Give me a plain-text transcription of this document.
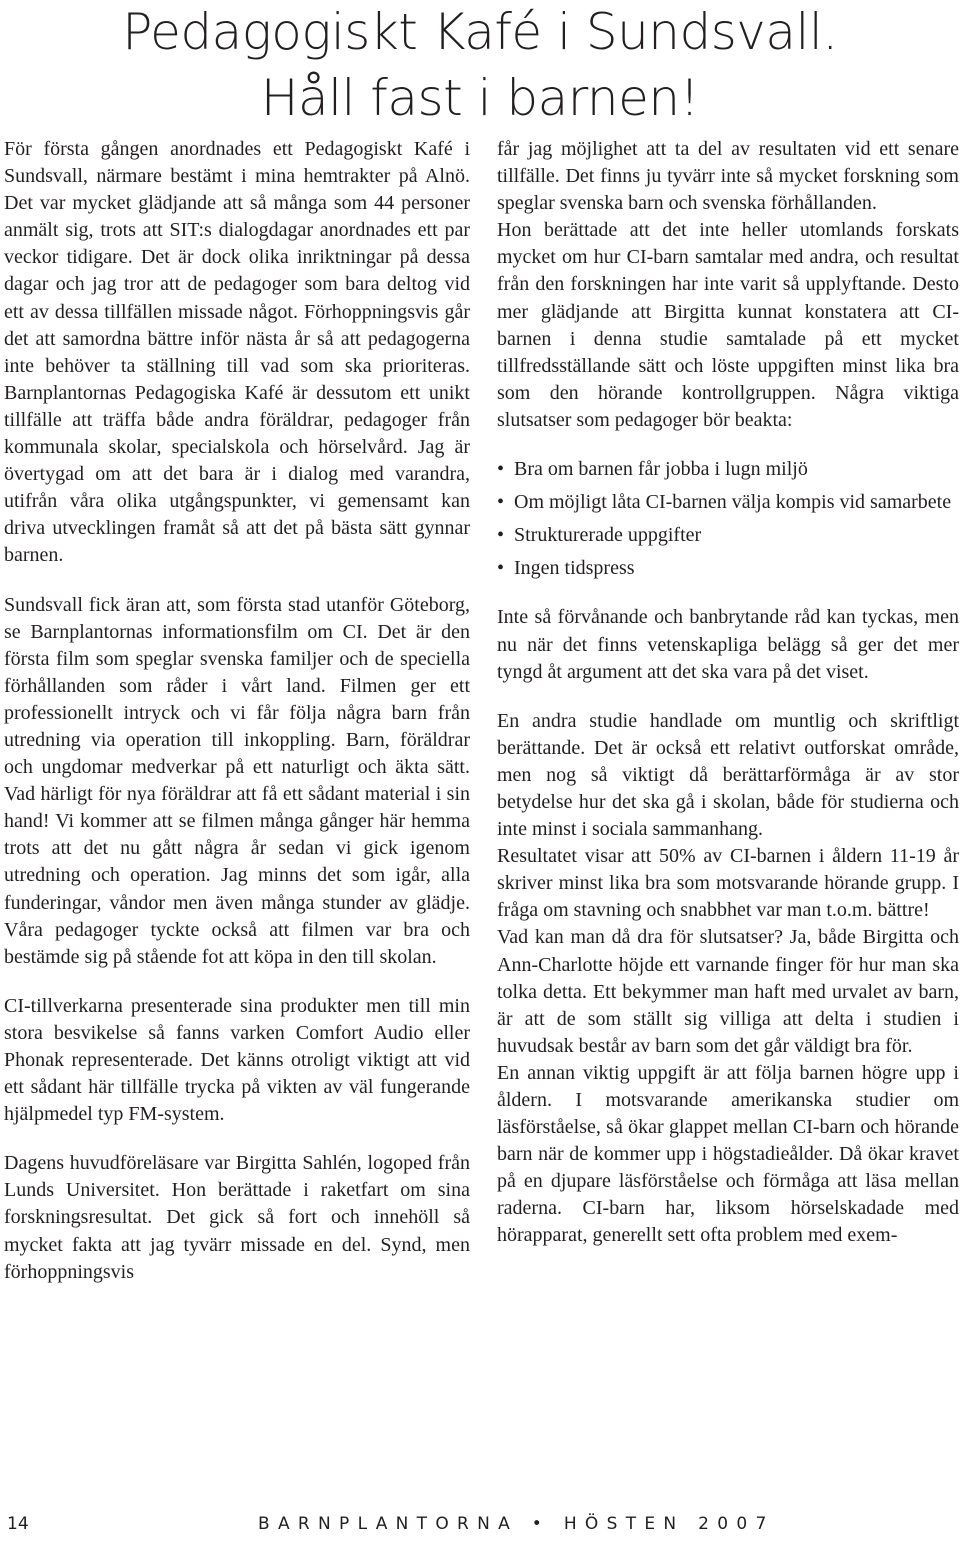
Pedagogiskt Kafé i Sundsvall.
Håll fast i barnen!

För första gången anordnades ett Pedagogiskt Kafé i Sundsvall, närmare bestämt i mina hemtrakter på Alnö. Det var mycket glädjande att så många som 44 personer anmält sig, trots att SIT:s dialogdagar anordnades ett par veckor tidigare. Det är dock olika inriktningar på dessa dagar och jag tror att de pedagoger som bara deltog vid ett av dessa tillfällen missade något. Förhoppningsvis går det att samordna bättre inför nästa år så att pedagogerna inte behöver ta ställning till vad som ska prioriteras. Barnplantornas Pedagogiska Kafé är dessutom ett unikt tillfälle att träffa både andra föräldrar, pedagoger från kommunala skolar, specialskola och hörselvård. Jag är övertygad om att det bara är i dialog med varandra, utifrån våra olika utgångspunkter, vi gemensamt kan driva utvecklingen framåt så att det på bästa sätt gynnar barnen.

Sundsvall fick äran att, som första stad utanför Göteborg, se Barnplantornas informationsfilm om CI. Det är den första film som speglar svenska familjer och de speciella förhållanden som råder i vårt land. Filmen ger ett professionellt intryck och vi får följa några barn från utredning via operation till inkoppling. Barn, föräldrar och ungdomar medverkar på ett naturligt och äkta sätt. Vad härligt för nya föräldrar att få ett sådant material i sin hand! Vi kommer att se filmen många gånger här hemma trots att det nu gått några år sedan vi gick igenom utredning och operation. Jag minns det som igår, alla funderingar, våndor men även många stunder av glädje. Våra pedagoger tyckte också att filmen var bra och bestämde sig på stående fot att köpa in den till skolan.

CI-tillverkarna presenterade sina produkter men till min stora besvikelse så fanns varken Comfort Audio eller Phonak representerade. Det känns otroligt viktigt att vid ett sådant här tillfälle trycka på vikten av väl fungerande hjälpmedel typ FM-system.

Dagens huvudföreläsare var Birgitta Sahlén, logoped från Lunds Universitet. Hon berättade i raketfart om sina forskningsresultat. Det gick så fort och innehöll så mycket fakta att jag tyvärr missade en del. Synd, men förhoppningsvis

får jag möjlighet att ta del av resultaten vid ett senare tillfälle. Det finns ju tyvärr inte så mycket forskning som speglar svenska barn och svenska förhållanden.

Hon berättade att det inte heller utomlands forskats mycket om hur CI-barn samtalar med andra, och resultat från den forskningen har inte varit så upplyftande. Desto mer glädjande att Birgitta kunnat konstatera att CI-barnen i denna studie samtalade på ett mycket tillfredsställande sätt och löste uppgiften minst lika bra som den hörande kontrollgruppen. Några viktiga slutsatser som pedagoger bör beakta:

• Bra om barnen får jobba i lugn miljö
• Om möjligt låta CI-barnen välja kompis vid samarbete
• Strukturerade uppgifter
• Ingen tidspress

Inte så förvånande och banbrytande råd kan tyckas, men nu när det finns vetenskapliga belägg så ger det mer tyngd åt argument att det ska vara på det viset.

En andra studie handlade om muntlig och skriftligt berättande. Det är också ett relativt outforskat område, men nog så viktigt då berättarförmåga är av stor betydelse hur det ska gå i skolan, både för studierna och inte minst i sociala sammanhang.

Resultatet visar att 50% av CI-barnen i åldern 11-19 år skriver minst lika bra som motsvarande hörande grupp. I fråga om stavning och snabbhet var man t.o.m. bättre!

Vad kan man då dra för slutsatser? Ja, både Birgitta och Ann-Charlotte höjde ett varnande finger för hur man ska tolka detta. Ett bekymmer man haft med urvalet av barn, är att de som ställt sig villiga att delta i studien i huvudsak består av barn som det går väldigt bra för.

En annan viktig uppgift är att följa barnen högre upp i åldern. I motsvarande amerikanska studier om läsförståelse, så ökar glappet mellan CI-barn och hörande barn när de kommer upp i högstadieålder. Då ökar kravet på en djupare läsförståelse och förmåga att läsa mellan raderna. CI-barn har, liksom hörselskadade med hörapparat, generellt sett ofta problem med exem-

14	BARNPLANTORNA • HÖSTEN 2007
